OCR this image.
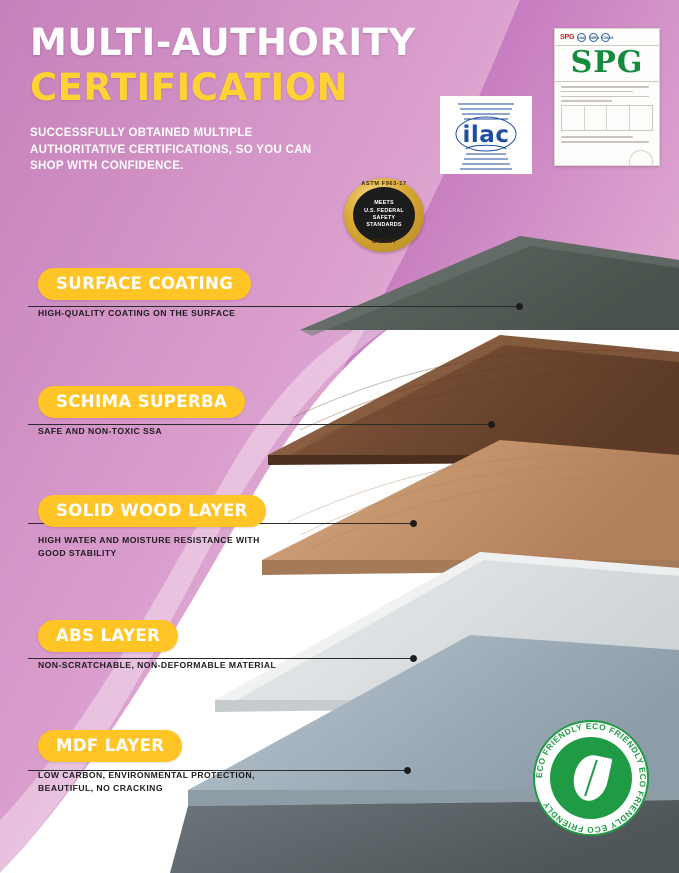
MULTI-AUTHORITY
CERTIFICATION
SUCCESSFULLY OBTAINED MULTIPLE AUTHORITATIVE CERTIFICATIONS, SO YOU CAN SHOP WITH CONFIDENCE.
SPG ilac MRA CNAS
SPG
ilac
MEETS
U.S. FEDERAL
SAFETY
STANDARDS
ASTM F963-17
CPSIA
SURFACE COATING
HIGH-QUALITY COATING ON THE SURFACE
SCHIMA SUPERBA
SAFE AND NON-TOXIC SSA
SOLID WOOD LAYER
HIGH WATER AND MOISTURE RESISTANCE WITH GOOD STABILITY
ABS LAYER
NON-SCRATCHABLE, NON-DEFORMABLE MATERIAL
MDF LAYER
LOW CARBON, ENVIRONMENTAL PROTECTION, BEAUTIFUL, NO CRACKING
ECO FRIENDLY ECO FRIENDLY ECO FRIENDLY ECO FRIENDLY
